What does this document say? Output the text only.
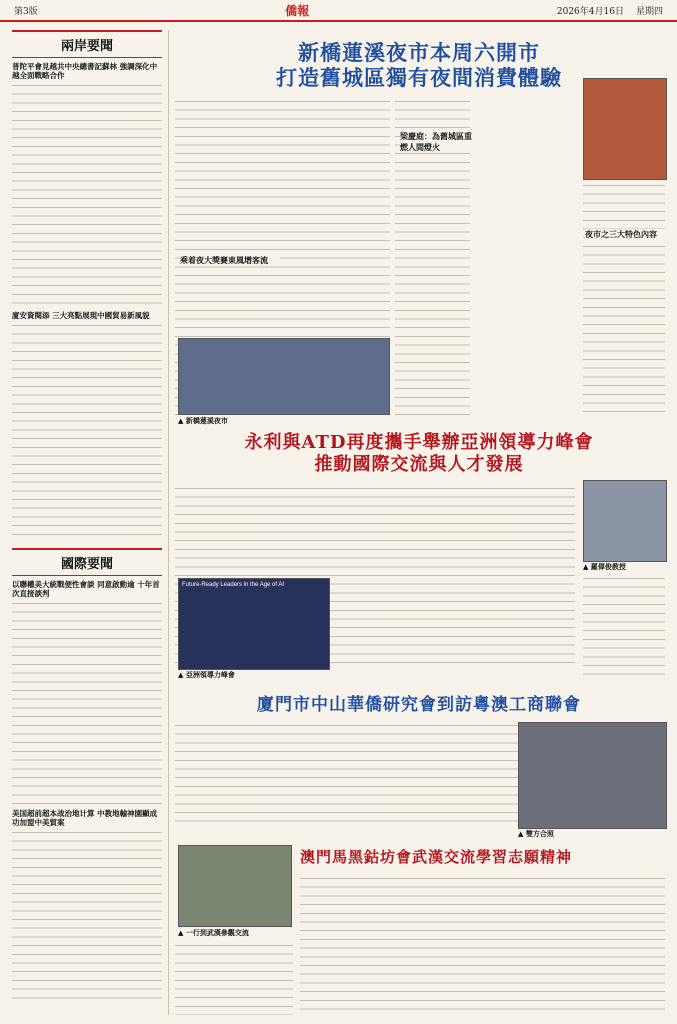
第3版	僑報	2026年4月16日 星期四
兩岸要聞
普陀平會見越共中央總書記蘇林 強調深化中越全面戰略合作
廈安資閱添 三大亮點展現中國貿易新風貌
國際要聞
以聯權美大統戰便性會談 同意啟動逾 十年首次直接談判
美国超前超本战治地计算 中教地輸神園顯成功加盟中美貿案
新橋蓮溪夜市本周六開市
打造舊城區獨有夜間消費體驗
乘着夜大獎賽東風增客流
梁慶庭：為舊城區重燃人間燈火
夜市之三大特色內容
▲ 新橋蓮溪夜市
永利與ATD再度攜手舉辦亞洲領導力峰會
推動國際交流與人才發展
Future-Ready Leaders in the Age of AI
▲ 亞洲領導力峰會
▲ 羅偉俊教授
廈門市中山華僑研究會到訪粵澳工商聯會
▲ 雙方合照
▲ 一行到武漢參觀交流
澳門馬黑鈷坊會武漢交流學習志願精神
